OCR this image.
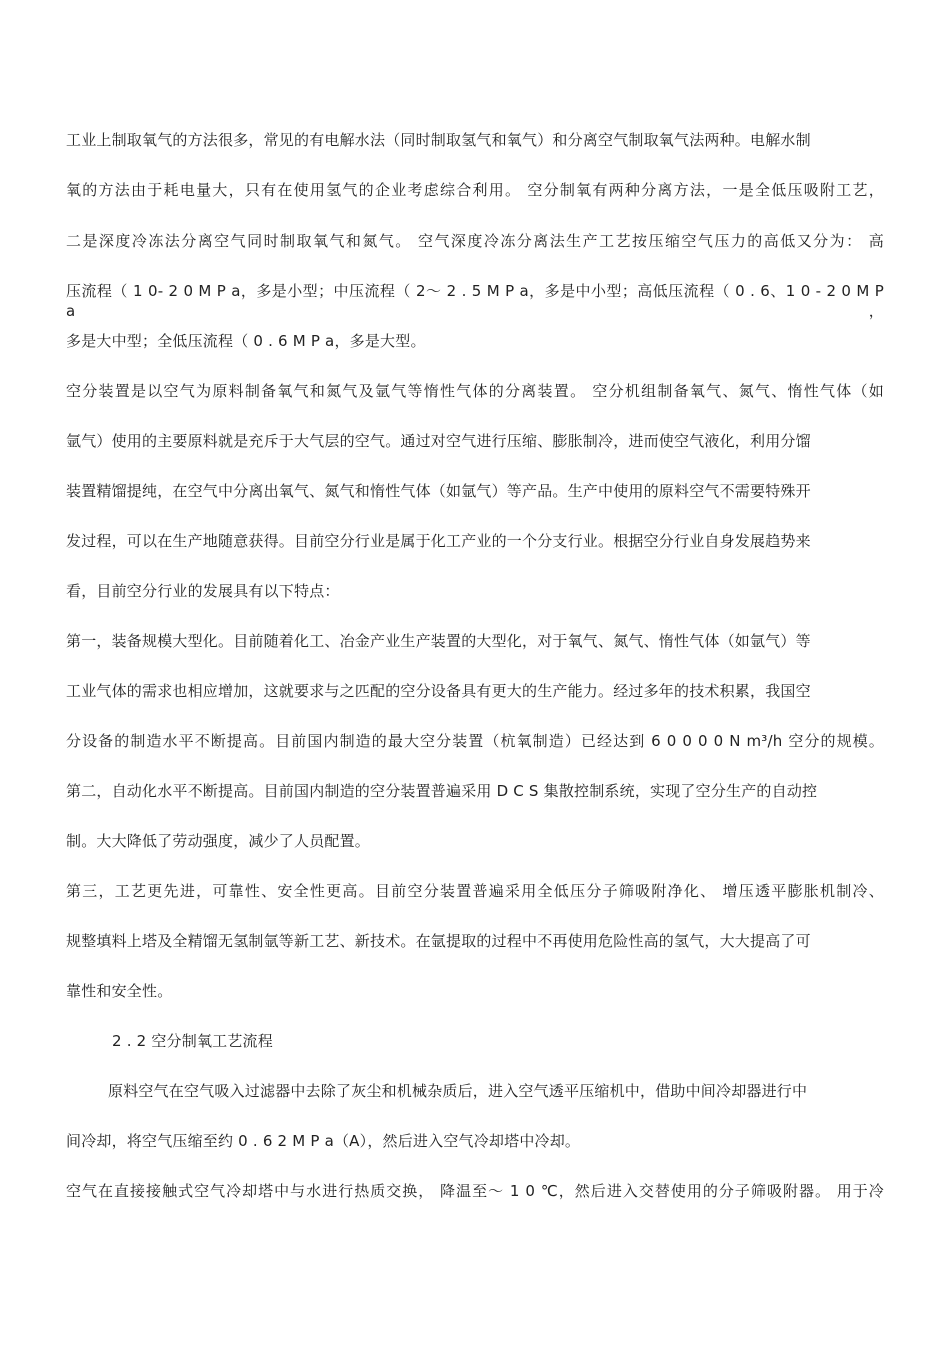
工业上制取氧气的方法很多，常见的有电解水法（同时制取氢气和氧气）和分离空气制取氧气法两种。电解水制
氧的方法由于耗电量大，只有在使用氢气的企业考虑综合利用。 空分制氧有两种分离方法，一是全低压吸附工艺，
二是深度冷冻法分离空气同时制取氧气和氮气。 空气深度冷冻分离法生产工艺按压缩空气压力的高低又分为： 高
压流程（ 1 0- 2 0 M P a，多是小型；中压流程（ 2～ 2 . 5 M P a，多是中小型；高低压流程（ 0 . 6、1 0 - 2 0 M P a，
多是大中型；全低压流程（ 0 . 6 M P a，多是大型。
空分装置是以空气为原料制备氧气和氮气及氩气等惰性气体的分离装置。 空分机组制备氧气、氮气、惰性气体（如
氩气）使用的主要原料就是充斥于大气层的空气。通过对空气进行压缩、膨胀制冷，进而使空气液化，利用分馏
装置精馏提纯，在空气中分离出氧气、氮气和惰性气体（如氩气）等产品。生产中使用的原料空气不需要特殊开
发过程，可以在生产地随意获得。目前空分行业是属于化工产业的一个分支行业。根据空分行业自身发展趋势来
看，目前空分行业的发展具有以下特点：
第一，装备规模大型化。目前随着化工、冶金产业生产装置的大型化，对于氧气、氮气、惰性气体（如氩气）等
工业气体的需求也相应增加，这就要求与之匹配的空分设备具有更大的生产能力。经过多年的技术积累，我国空
分设备的制造水平不断提高。目前国内制造的最大空分装置（杭氧制造）已经达到 6 0 0 0 0 N m³/h 空分的规模。
第二，自动化水平不断提高。目前国内制造的空分装置普遍采用 D C S 集散控制系统，实现了空分生产的自动控
制。大大降低了劳动强度，减少了人员配置。
第三，工艺更先进，可靠性、安全性更高。目前空分装置普遍采用全低压分子筛吸附净化、 增压透平膨胀机制冷、
规整填料上塔及全精馏无氢制氩等新工艺、新技术。在氩提取的过程中不再使用危险性高的氢气，大大提高了可
靠性和安全性。
2 . 2 空分制氧工艺流程
原料空气在空气吸入过滤器中去除了灰尘和机械杂质后，进入空气透平压缩机中，借助中间冷却器进行中
间冷却，将空气压缩至约 0 . 6 2 M P a（A），然后进入空气冷却塔中冷却。
空气在直接接触式空气冷却塔中与水进行热质交换， 降温至～ 1 0 ℃，然后进入交替使用的分子筛吸附器。 用于冷
